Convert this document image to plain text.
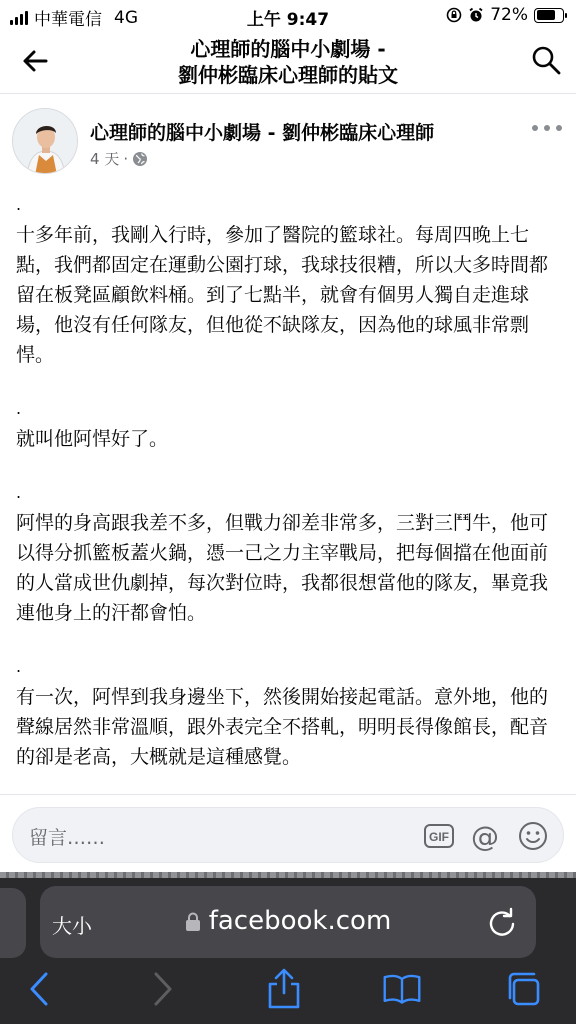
中華電信 4G	上午 9:47	72%
心理師的腦中小劇場 -
劉仲彬臨床心理師的貼文
心理師的腦中小劇場 - 劉仲彬臨床心理師
4 天 ·
.

十多年前，我剛入行時，參加了醫院的籃球社。每周四晚上七點，我們都固定在運動公園打球，我球技很糟，所以大多時間都留在板凳區顧飲料桶。到了七點半，就會有個男人獨自走進球場，他沒有任何隊友，但他從不缺隊友，因為他的球風非常剽悍。

.

就叫他阿悍好了。

.

阿悍的身高跟我差不多，但戰力卻差非常多，三對三鬥牛，他可以得分抓籃板蓋火鍋，憑一己之力主宰戰局，把每個擋在他面前的人當成世仇劇掉，每次對位時，我都很想當他的隊友，畢竟我連他身上的汗都會怕。

.

有一次，阿悍到我身邊坐下，然後開始接起電話。意外地，他的聲線居然非常溫順，跟外表完全不搭軋，明明長得像館長，配音的卻是老高，大概就是這種感覺。

留言……	GIF @
大小	facebook.com
